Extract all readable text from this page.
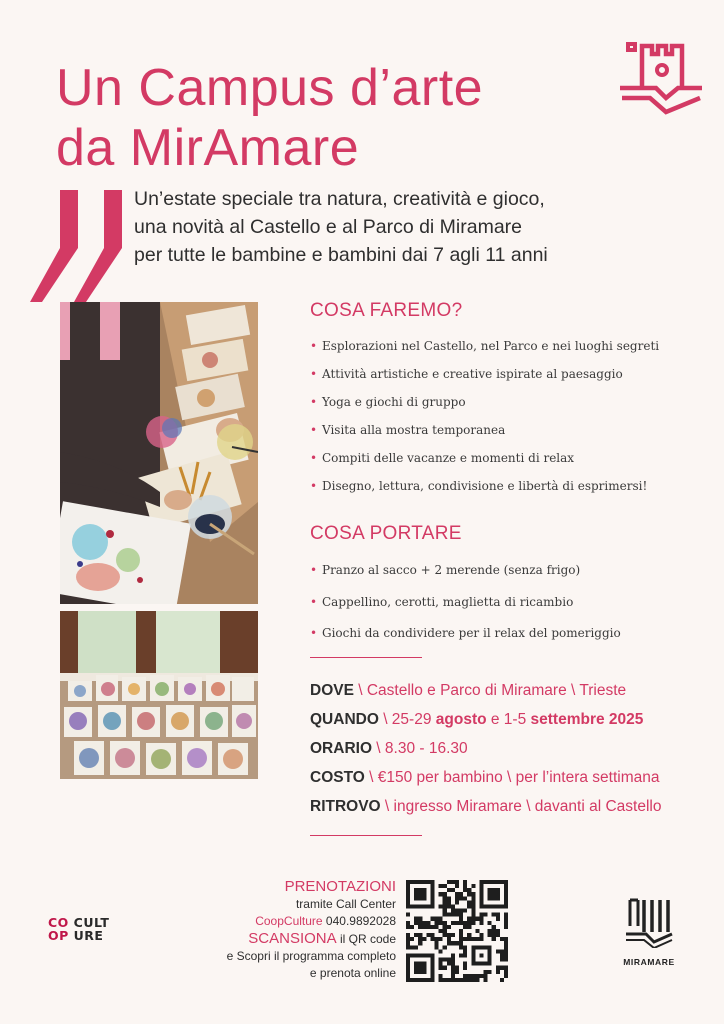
Un Campus d’arte
da MirAmare
Un’estate speciale tra natura, creatività e gioco,
una novità al Castello e al Parco di Miramare
per tutte le bambine e bambini dai 7 agli 11 anni
COSA FAREMO?
• Esplorazioni nel Castello, nel Parco e nei luoghi segreti
• Attività artistiche e creative ispirate al paesaggio
• Yoga e giochi di gruppo
• Visita alla mostra temporanea
• Compiti delle vacanze e momenti di relax
• Disegno, lettura, condivisione e libertà di esprimersi!
COSA PORTARE
• Pranzo al sacco + 2 merende (senza frigo)
• Cappellino, cerotti, maglietta di ricambio
• Giochi da condividere per il relax del pomeriggio
DOVE \ Castello e Parco di Miramare \ Trieste
QUANDO \ 25-29 agosto e 1-5 settembre 2025
ORARIO \ 8.30 - 16.30
COSTO \ €150 per bambino \ per l’intera settimana
RITROVO \ ingresso Miramare \ davanti al Castello
PRENOTAZIONI
tramite Call Center
CoopCulture 040.9892028
SCANSIONA il QR code
e Scopri il programma completo
e prenota online
CO CULT
OP URE
MIRAMARE
